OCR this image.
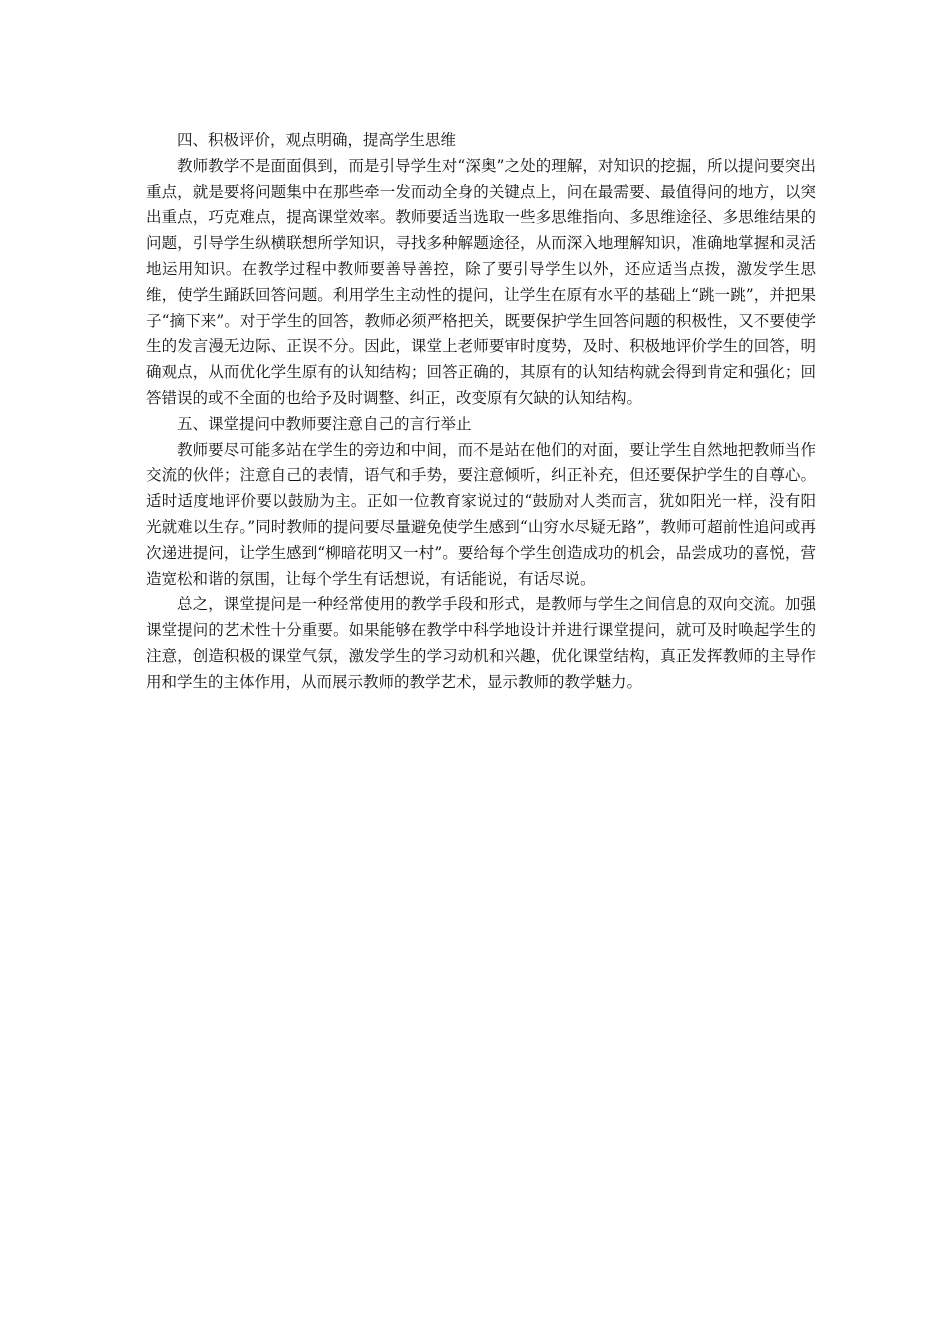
四、积极评价，观点明确，提高学生思维

教师教学不是面面俱到，而是引导学生对“深奥”之处的理解，对知识的挖掘，所以提问要突出重点，就是要将问题集中在那些牵一发而动全身的关键点上，问在最需要、最值得问的地方，以突出重点，巧克难点，提高课堂效率。教师要适当选取一些多思维指向、多思维途径、多思维结果的问题，引导学生纵横联想所学知识，寻找多种解题途径，从而深入地理解知识，准确地掌握和灵活地运用知识。在教学过程中教师要善导善控，除了要引导学生以外，还应适当点拨，激发学生思维，使学生踊跃回答问题。利用学生主动性的提问，让学生在原有水平的基础上“跳一跳”，并把果子“摘下来”。对于学生的回答，教师必须严格把关，既要保护学生回答问题的积极性，又不要使学生的发言漫无边际、正误不分。因此，课堂上老师要审时度势，及时、积极地评价学生的回答，明确观点，从而优化学生原有的认知结构；回答正确的，其原有的认知结构就会得到肯定和强化；回答错误的或不全面的也给予及时调整、纠正，改变原有欠缺的认知结构。

五、课堂提问中教师要注意自己的言行举止

教师要尽可能多站在学生的旁边和中间，而不是站在他们的对面，要让学生自然地把教师当作交流的伙伴；注意自己的表情，语气和手势，要注意倾听，纠正补充，但还要保护学生的自尊心。适时适度地评价要以鼓励为主。正如一位教育家说过的“鼓励对人类而言，犹如阳光一样，没有阳光就难以生存。”同时教师的提问要尽量避免使学生感到“山穷水尽疑无路”，教师可超前性追问或再次递进提问，让学生感到“柳暗花明又一村”。要给每个学生创造成功的机会，品尝成功的喜悦，营造宽松和谐的氛围，让每个学生有话想说，有话能说，有话尽说。

总之，课堂提问是一种经常使用的教学手段和形式，是教师与学生之间信息的双向交流。加强课堂提问的艺术性十分重要。如果能够在教学中科学地设计并进行课堂提问，就可及时唤起学生的注意，创造积极的课堂气氛，激发学生的学习动机和兴趣，优化课堂结构，真正发挥教师的主导作用和学生的主体作用，从而展示教师的教学艺术，显示教师的教学魅力。
